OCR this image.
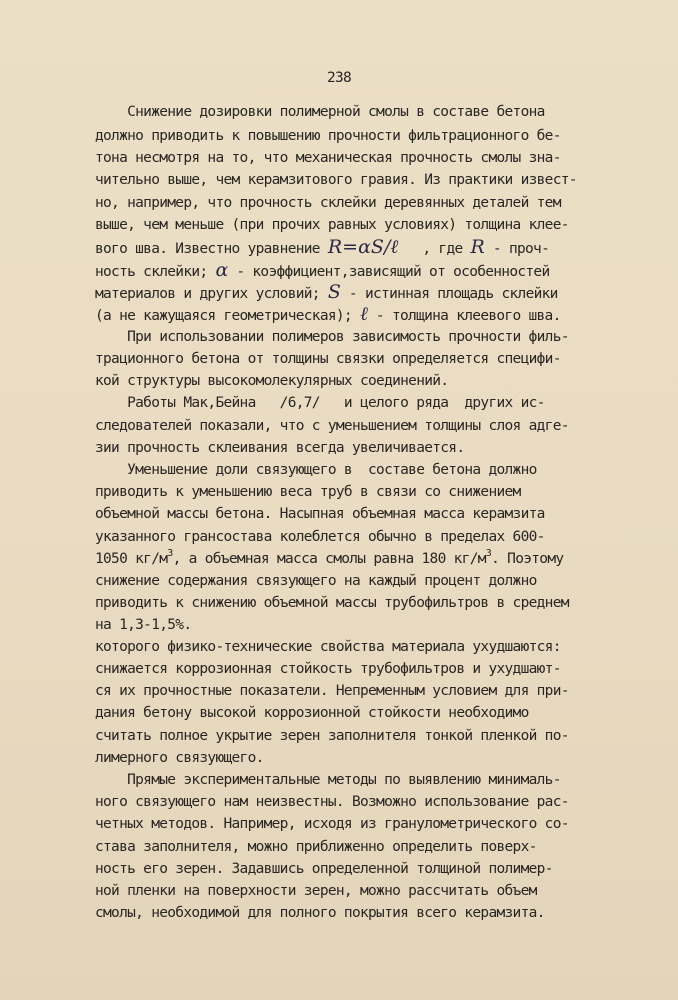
238
Снижение дозировки полимерной смолы в составе бетона
должно приводить к повышению прочности фильтрационного бе-
тона несмотря на то, что механическая прочность смолы зна-
чительно выше, чем керамзитового гравия. Из практики извест-
но, например, что прочность склейки деревянных деталей тем
выше, чем меньше (при прочих равных условиях) толщина клее-
вого шва. Известно уравнение R=αS/ℓ   , где R - проч-
ность склейки; α - коэффициент,зависящий от особенностей
материалов и других условий; S - истинная площадь склейки
(а не кажущаяся геометрическая); ℓ - толщина клеевого шва.
При использовании полимеров зависимость прочности филь-
трационного бетона от толщины связки определяется специфи-
кой структуры высокомолекулярных соединений.
Работы Мак,Бейна   /6,7/   и целого ряда  других ис-
следователей показали, что с уменьшением толщины слоя адге-
зии прочность склеивания всегда увеличивается.
Уменьшение доли связующего в  составе бетона должно
приводить к уменьшению веса труб в связи со снижением
объемной массы бетона. Насыпная объемная масса керамзита
указанного грансостава колеблется обычно в пределах 600-
1050 $кг/м^3$, а объемная масса смолы равна 180 $кг/м^3$. Поэтому
снижение содержания связующего на каждый процент должно
приводить к снижению объемной массы трубофильтров в среднем
на 1,3-1,5%.
которого физико-технические свойства материала ухудшаются:
снижается коррозионная стойкость трубофильтров и ухудшают-
ся их прочностные показатели. Непременным условием для при-
дания бетону высокой коррозионной стойкости необходимо
считать полное укрытие зерен заполнителя тонкой пленкой по-
лимерного связующего.
Прямые экспериментальные методы по выявлению минималь-
ного связующего нам неизвестны. Возможно использование рас-
четных методов. Например, исходя из гранулометрического со-
става заполнителя, можно приближенно определить поверх-
ность его зерен. Задавшись определенной толщиной полимер-
ной пленки на поверхности зерен, можно рассчитать объем
смолы, необходимой для полного покрытия всего керамзита.
